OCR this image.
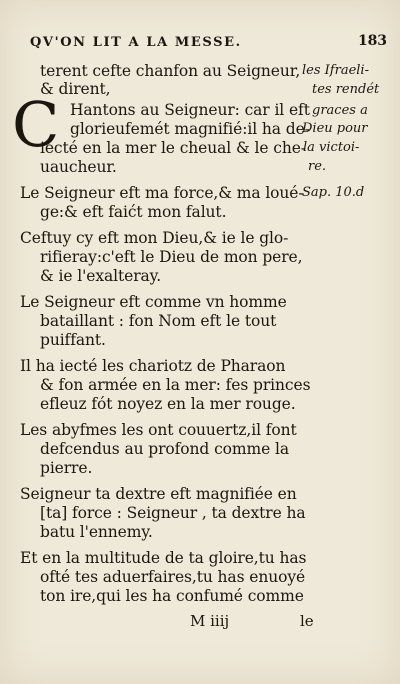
QV'ON LIT A LA MESSE.	183
terent cefte chanfon au Seigneur, les Ifraeli-
& dirent,	tes rendét
C Hantons au Seigneur: car il eft graces a
glorieufemét magnifié:il ha de-
Dieu pour
iecté en la mer le cheual & le che-
la victoi-
uaucheur.	re.
Le Seigneur eft ma force,& ma loué-
Sap. 10.d
ge:& eft faićt mon falut.
Ceftuy cy eft mon Dieu,& ie le glo-
rifieray:c'eft le Dieu de mon pere,
& ie l'exalteray.
Le Seigneur eft comme vn homme
bataillant : fon Nom eft le tout
puiffant.
Il ha iecté les chariotz de Pharaon
& fon armée en la mer: fes princes
efleuz fót noyez en la mer rouge.
Les abyfmes les ont couuertz,il font
defcendus au profond comme la
pierre.
Seigneur ta dextre eft magnifiée en
[ta] force : Seigneur , ta dextre ha
batu l'ennemy.
Et en la multitude de ta gloire,tu has
ofté tes aduerfaires,tu has enuoyé
ton ire,qui les ha confumé comme
M iiij	le
